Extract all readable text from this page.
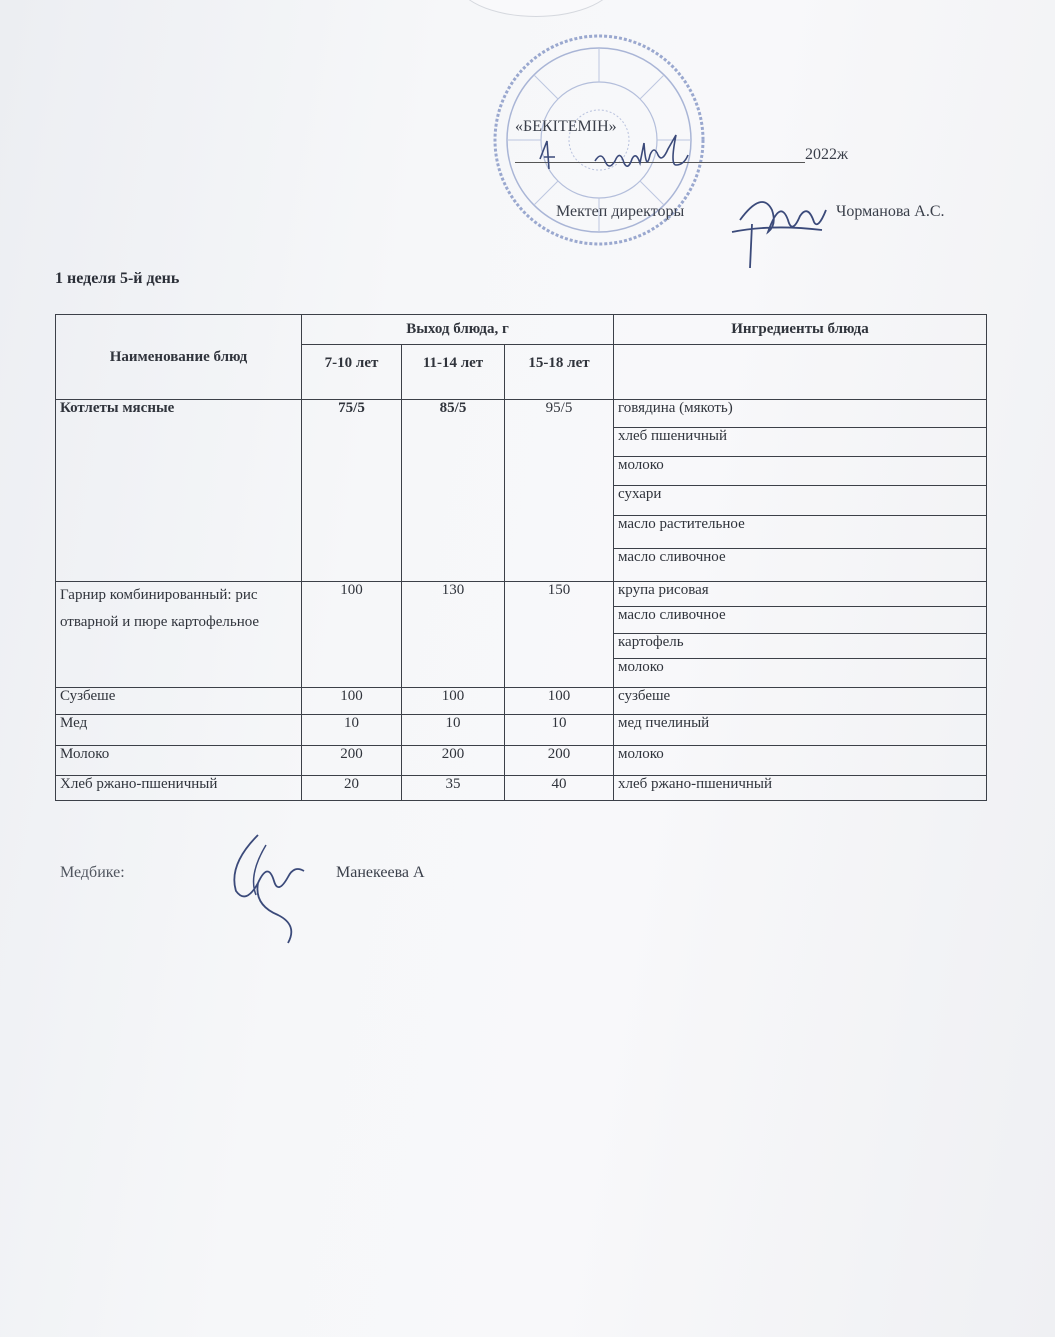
«БЕКІТЕМІН»
2022ж
Мектеп директоры	Чорманова А.С.
1 неделя 5-й день
Наименование блюд	Выход блюда, г			Ингредиенты блюда
	7-10 лет	11-14 лет	15-18 лет	
Котлеты мясные	75/5	85/5	95/5	говядина (мякоть)
				хлеб пшеничный
				молоко
				сухари
				масло растительное
				масло сливочное
Гарнир комбинированный: рис отварной и пюре картофельное	100	130	150	крупа рисовая
				масло сливочное
				картофель
				молоко
Сузбеше	100	100	100	сузбеше
Мед	10	10	10	мед пчелиный
Молоко	200	200	200	молоко
Хлеб ржано-пшеничный	20	35	40	хлеб ржано-пшеничный
Медбике:	Манекеева А
